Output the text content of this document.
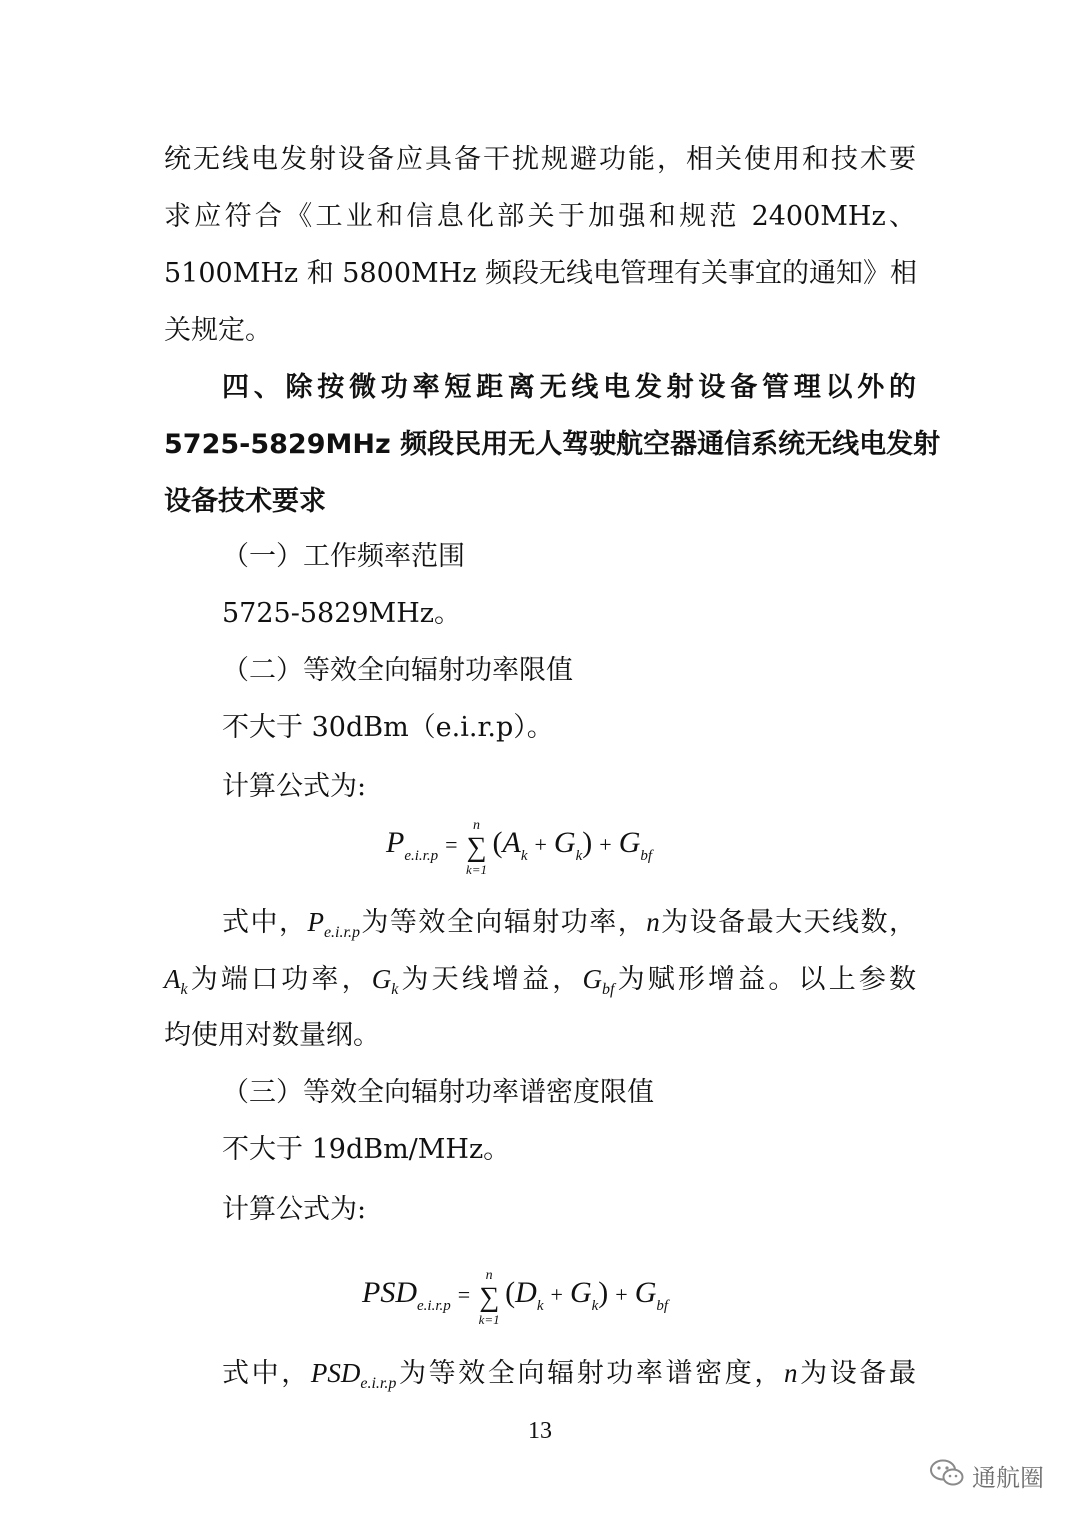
统无线电发射设备应具备干扰规避功能，相关使用和技术要
求应符合《工业和信息化部关于加强和规范 2400MHz、
5100MHz 和 5800MHz 频段无线电管理有关事宜的通知》相
关规定。
四、除按微功率短距离无线电发射设备管理以外的
5725-5829MHz 频段民用无人驾驶航空器通信系统无线电发射
设备技术要求
（一）工作频率范围
5725-5829MHz。
（二）等效全向辐射功率限值
不大于 30dBm（e.i.r.p）。
计算公式为:
Pe.i.r.p =
n
∑
k=1
(Ak + Gk) + Gbf
式中，$P_{e.i.r.p}$为等效全向辐射功率，n为设备最大天线数，
$A_k$为端口功率，$G_k$为天线增益，$G_{bf}$为赋形增益。以上参数
均使用对数量纲。
（三）等效全向辐射功率谱密度限值
不大于 19dBm/MHz。
计算公式为:
PSDe.i.r.p =
n
∑
k=1
(Dk + Gk) + Gbf
式中，$PSD_{e.i.r.p}$为等效全向辐射功率谱密度，n为设备最
13
通航圈
